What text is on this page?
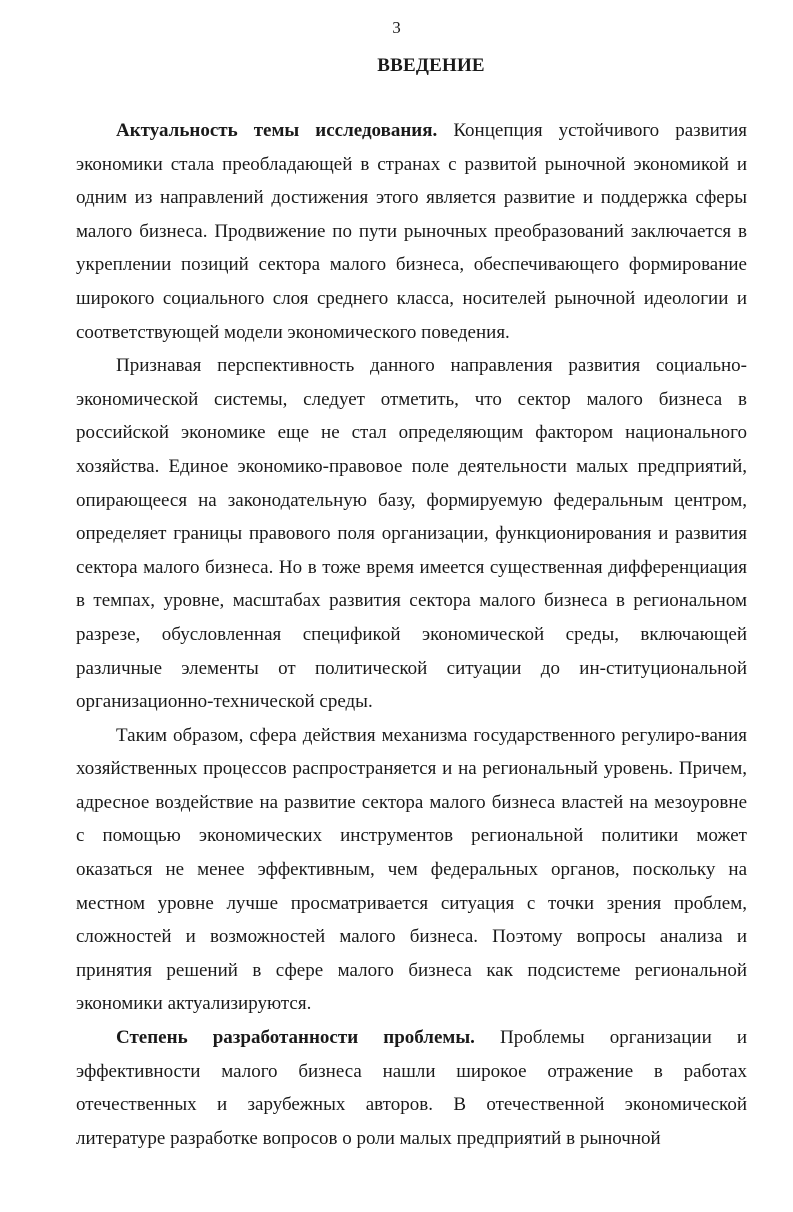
3
ВВЕДЕНИЕ

Актуальность темы исследования. Концепция устойчивого развития экономики стала преобладающей в странах с развитой рыночной экономикой и одним из направлений достижения этого является развитие и поддержка сферы малого бизнеса. Продвижение по пути рыночных преобразований заключается в укреплении позиций сектора малого бизнеса, обеспечивающего формирование широкого социального слоя среднего класса, носителей рыночной идеологии и соответствующей модели экономического поведения.

Признавая перспективность данного направления развития социально-экономической системы, следует отметить, что сектор малого бизнеса в российской экономике еще не стал определяющим фактором национального хозяйства. Единое экономико-правовое поле деятельности малых предприятий, опирающееся на законодательную базу, формируемую федеральным центром, определяет границы правового поля организации, функционирования и развития сектора малого бизнеса. Но в тоже время имеется существенная дифференциация в темпах, уровне, масштабах развития сектора малого бизнеса в региональном разрезе, обусловленная спецификой экономической среды, включающей различные элементы от политической ситуации до ин-ституциональной организационно-технической среды.

Таким образом, сфера действия механизма государственного регулиро-вания хозяйственных процессов распространяется и на региональный уровень. Причем, адресное воздействие на развитие сектора малого бизнеса властей на мезоуровне с помощью экономических инструментов региональной политики может оказаться не менее эффективным, чем федеральных органов, поскольку на местном уровне лучше просматривается ситуация с точки зрения проблем, сложностей и возможностей малого бизнеса. Поэтому вопросы анализа и принятия решений в сфере малого бизнеса как подсистеме региональной экономики актуализируются.

Степень разработанности проблемы. Проблемы организации и эффективности малого бизнеса нашли широкое отражение в работах отечественных и зарубежных авторов. В отечественной экономической литературе разработке вопросов о роли малых предприятий в рыночной
